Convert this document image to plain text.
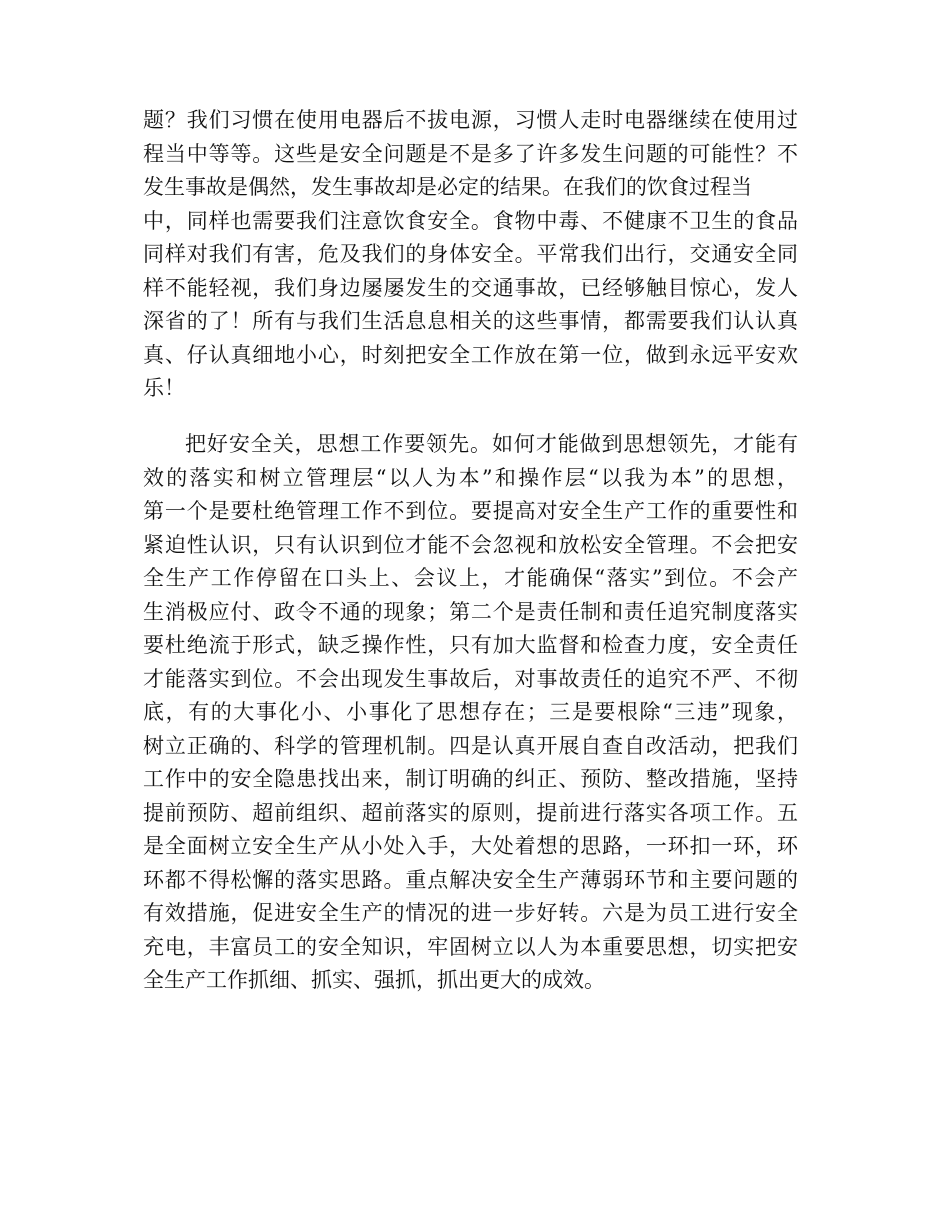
题？我们习惯在使用电器后不拔电源，习惯人走时电器继续在使用过
程当中等等。这些是安全问题是不是多了许多发生问题的可能性？不
发生事故是偶然，发生事故却是必定的结果。在我们的饮食过程当
中，同样也需要我们注意饮食安全。食物中毒、不健康不卫生的食品
同样对我们有害，危及我们的身体安全。平常我们出行，交通安全同
样不能轻视，我们身边屡屡发生的交通事故，已经够触目惊心，发人
深省的了！所有与我们生活息息相关的这些事情，都需要我们认认真
真、仔认真细地小心，时刻把安全工作放在第一位，做到永远平安欢
乐！
把好安全关，思想工作要领先。如何才能做到思想领先，才能有
效的落实和树立管理层“以人为本”和操作层“以我为本”的思想，
第一个是要杜绝管理工作不到位。要提高对安全生产工作的重要性和
紧迫性认识，只有认识到位才能不会忽视和放松安全管理。不会把安
全生产工作停留在口头上、会议上，才能确保“落实”到位。不会产
生消极应付、政令不通的现象；第二个是责任制和责任追究制度落实
要杜绝流于形式，缺乏操作性，只有加大监督和检查力度，安全责任
才能落实到位。不会出现发生事故后，对事故责任的追究不严、不彻
底，有的大事化小、小事化了思想存在；三是要根除“三违”现象，
树立正确的、科学的管理机制。四是认真开展自查自改活动，把我们
工作中的安全隐患找出来，制订明确的纠正、预防、整改措施，坚持
提前预防、超前组织、超前落实的原则，提前进行落实各项工作。五
是全面树立安全生产从小处入手，大处着想的思路，一环扣一环，环
环都不得松懈的落实思路。重点解决安全生产薄弱环节和主要问题的
有效措施，促进安全生产的情况的进一步好转。六是为员工进行安全
充电，丰富员工的安全知识，牢固树立以人为本重要思想，切实把安
全生产工作抓细、抓实、强抓，抓出更大的成效。
